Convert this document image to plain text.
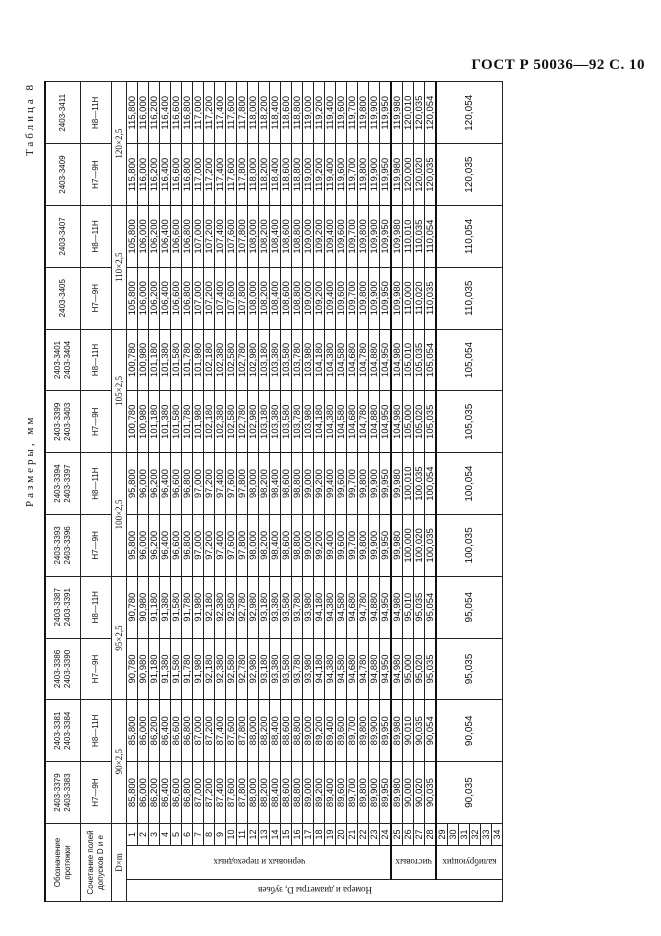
ГОСТ Р 50036—92 С. 10
Размеры, мм
Таблица 8
Обозначение протяжки			2403-3379 2403-3383	2403-3381 2403-3384	2403-3386 2403-3390	2403-3387 2403-3391	2403-3393 2403-3396	2403-3394 2403-3397	2403-3399 2403-3403	2403-3401 2403-3404	2403-3405	2403-3407	2403-3409	2403-3411
Сочетание полей допусков D и e			H7—9H	H8—11H	H7—9H	H8—11H	H7—9H	H8—11H	H7—9H	H8—11H	H7—9H	H8—11H	H7—9H	H8—11H
D×m			90×2,5		95×2,5		100×2,5		105×2,5		110×2,5		120×2,5	
Номера и диаметры D, зубьев	черновых и переходных	1	85,800	85,800	90,780	90,780	95,800	95,800	100,780	100,780	105,800	105,800	115,800	115,800
		2	86,000	86,000	90,980	90,980	96,000	96,000	100,980	100,980	106,000	106,000	116,000	116,000
		3	86,200	86,200	91,180	91,180	96,200	96,200	101,180	101,180	106,200	106,200	116,200	116,200
		4	86,400	86,400	91,380	91,380	96,400	96,400	101,380	101,380	106,400	106,400	116,400	116,400
		5	86,600	86,600	91,580	91,580	96,600	96,600	101,580	101,580	106,600	106,600	116,600	116,600
		6	86,800	86,800	91,780	91,780	96,800	96,800	101,780	101,780	106,800	106,800	116,800	116,800
		7	87,000	87,000	91,980	91,980	97,000	97,000	101,980	101,980	107,000	107,000	117,000	117,000
		8	87,200	87,200	92,180	92,180	97,200	97,200	102,180	102,180	107,200	107,200	117,200	117,200
		9	87,400	87,400	92,380	92,380	97,400	97,400	102,380	102,380	107,400	107,400	117,400	117,400
		10	87,600	87,600	92,580	92,580	97,600	97,600	102,580	102,580	107,600	107,600	117,600	117,600
		11	87,800	87,800	92,780	92,780	97,800	97,800	102,780	102,780	107,800	107,800	117,800	117,800
		12	88,000	88,000	92,980	92,980	98,000	98,000	102,980	102,980	108,000	108,000	118,000	118,000
		13	88,200	88,200	93,180	93,180	98,200	98,200	103,180	103,180	108,200	108,200	118,200	118,200
		14	88,400	88,400	93,380	93,380	98,400	98,400	103,380	103,380	108,400	108,400	118,400	118,400
		15	88,600	88,600	93,580	93,580	98,600	98,600	103,580	103,580	108,600	108,600	118,600	118,600
		16	88,800	88,800	93,780	93,780	98,800	98,800	103,780	103,780	108,800	108,800	118,800	118,800
		17	89,000	89,000	93,980	93,980	99,000	99,000	103,980	103,980	109,000	109,000	119,000	119,000
		18	89,200	89,200	94,180	94,180	99,200	99,200	104,180	104,180	109,200	109,200	119,200	119,200
		19	89,400	89,400	94,380	94,380	99,400	99,400	104,380	104,380	109,400	109,400	119,400	119,400
		20	89,600	89,600	94,580	94,580	99,600	99,600	104,580	104,580	109,600	109,600	119,600	119,600
		21	89,700	89,700	94,680	94,680	99,700	99,700	104,680	104,680	109,700	109,700	119,700	119,700
		22	89,800	89,800	94,780	94,780	99,800	99,800	104,780	104,780	109,800	109,800	119,800	119,800
		23	89,900	89,900	94,880	94,880	99,900	99,900	104,880	104,880	109,900	109,900	119,900	119,900
		24	89,950	89,950	94,950	94,950	99,950	99,950	104,950	104,950	109,950	109,950	119,950	119,950
	чистовых	25	89,980	89,980	94,980	94,980	99,980	99,980	104,980	104,980	109,980	109,980	119,980	119,980
		26	90,000	90,010	95,000	95,010	100,000	100,010	105,000	105,010	110,000	110,010	120,000	120,010
		27	90,020	90,035	95,020	95,035	100,020	100,035	105,020	105,035	110,020	110,035	120,020	120,035
		28	90,035	90,054	95,035	95,054	100,035	100,054	105,035	105,054	110,035	110,054	120,035	120,054
	калибрующих	29	90,035	90,054	95,035	95,054	100,035	100,054	105,035	105,054	110,035	110,054	120,035	120,054
		30												
		31												
		32												
		33												
		34												
